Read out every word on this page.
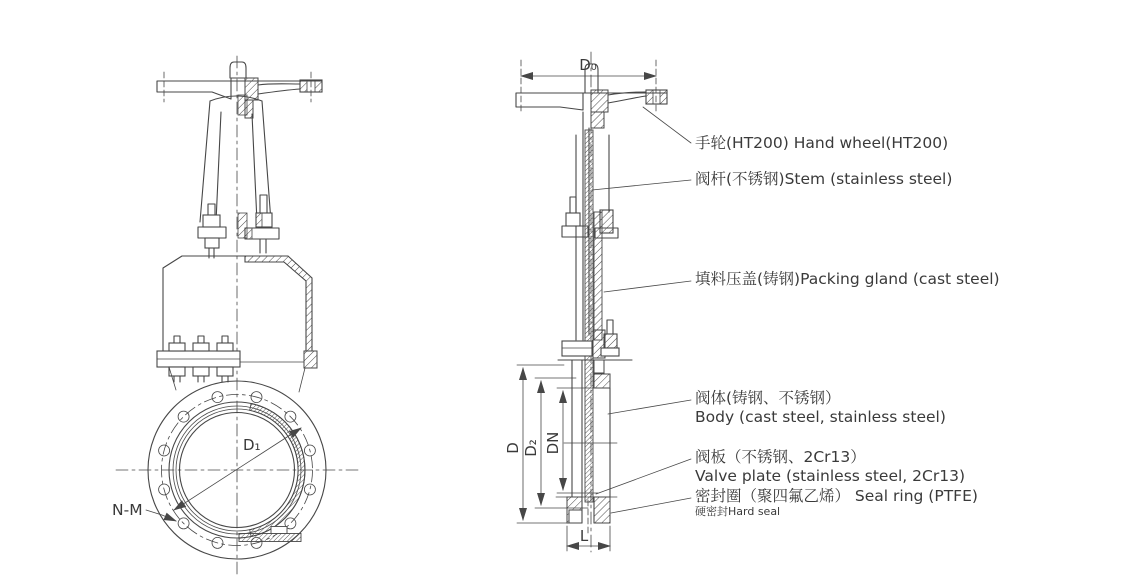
D₁
N-M
D₀
D D₂ DN
L
手轮(HT200) Hand wheel(HT200)
阀杆(不锈钢)Stem (stainless steel)
填料压盖(铸钢)Packing gland (cast steel)
阀体(铸钢、不锈钢）
Body (cast steel, stainless steel)
阀板（不锈钢、2Cr13）
Valve plate (stainless steel, 2Cr13)
密封圈（聚四氟乙烯） Seal ring (PTFE)
硬密封Hard seal
